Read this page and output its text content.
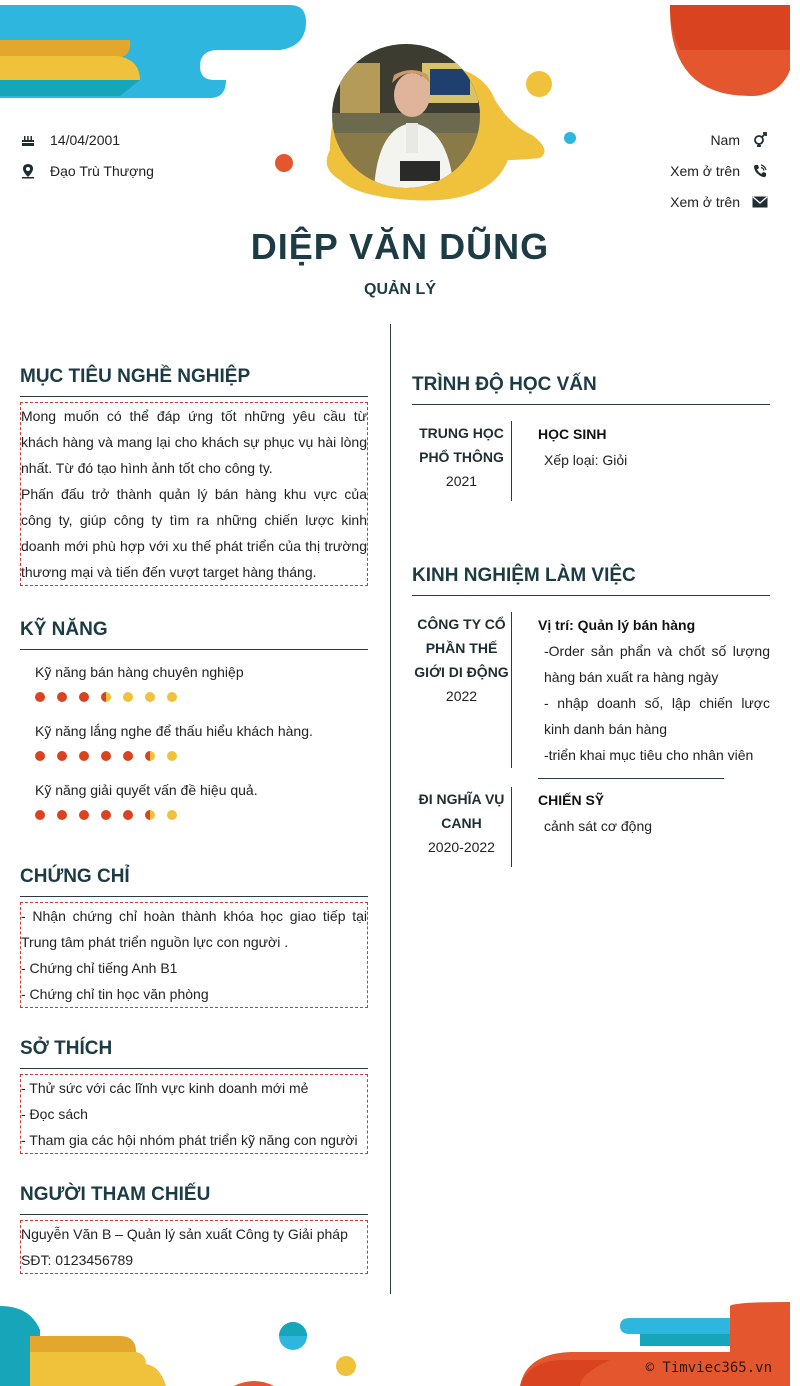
14/04/2001
Đạo Trù Thượng
Nam
Xem ở trên
Xem ở trên
DIỆP VĂN DŨNG
QUẢN LÝ
MỤC TIÊU NGHỀ NGHIỆP
Mong muốn có thể đáp ứng tốt những yêu cầu từ khách hàng và mang lại cho khách sự phục vụ hài lòng nhất. Từ đó tạo hình ảnh tốt cho công ty.
Phấn đấu trở thành quản lý bán hàng khu vực của công ty, giúp công ty tìm ra những chiến lược kinh doanh mới phù hợp với xu thế phát triển của thị trường thương mại và tiến đến vượt target hàng tháng.
KỸ NĂNG
Kỹ năng bán hàng chuyên nghiệp
Kỹ năng lắng nghe để thấu hiểu khách hàng.
Kỹ năng giải quyết vấn đề hiệu quả.
CHỨNG CHỈ
- Nhận chứng chỉ hoàn thành khóa học giao tiếp tại Trung tâm phát triển nguồn lực con người .
- Chứng chỉ tiếng Anh B1
- Chứng chỉ tin học văn phòng
SỞ THÍCH
- Thử sức với các lĩnh vực kinh doanh mới mẻ
- Đọc sách
- Tham gia các hội nhóm phát triển kỹ năng con người
NGƯỜI THAM CHIẾU
Nguyễn Văn B – Quản lý sản xuất Công ty Giải pháp
SĐT: 0123456789
TRÌNH ĐỘ HỌC VẤN
TRUNG HỌC PHỔ THÔNG
2021
HỌC SINH
Xếp loại: Giỏi
KINH NGHIỆM LÀM VIỆC
CÔNG TY CỔ PHẦN THẾ GIỚI DI ĐỘNG
2022
Vị trí: Quản lý bán hàng
-Order sản phẩn và chốt số lượng hàng bán xuất ra hàng ngày
- nhập doanh số, lập chiến lược kinh danh bán hàng
-triển khai mục tiêu cho nhân viên
ĐI NGHĨA VỤ CANH
2020-2022
CHIẾN SỸ
cảnh sát cơ động
© Timviec365.vn
